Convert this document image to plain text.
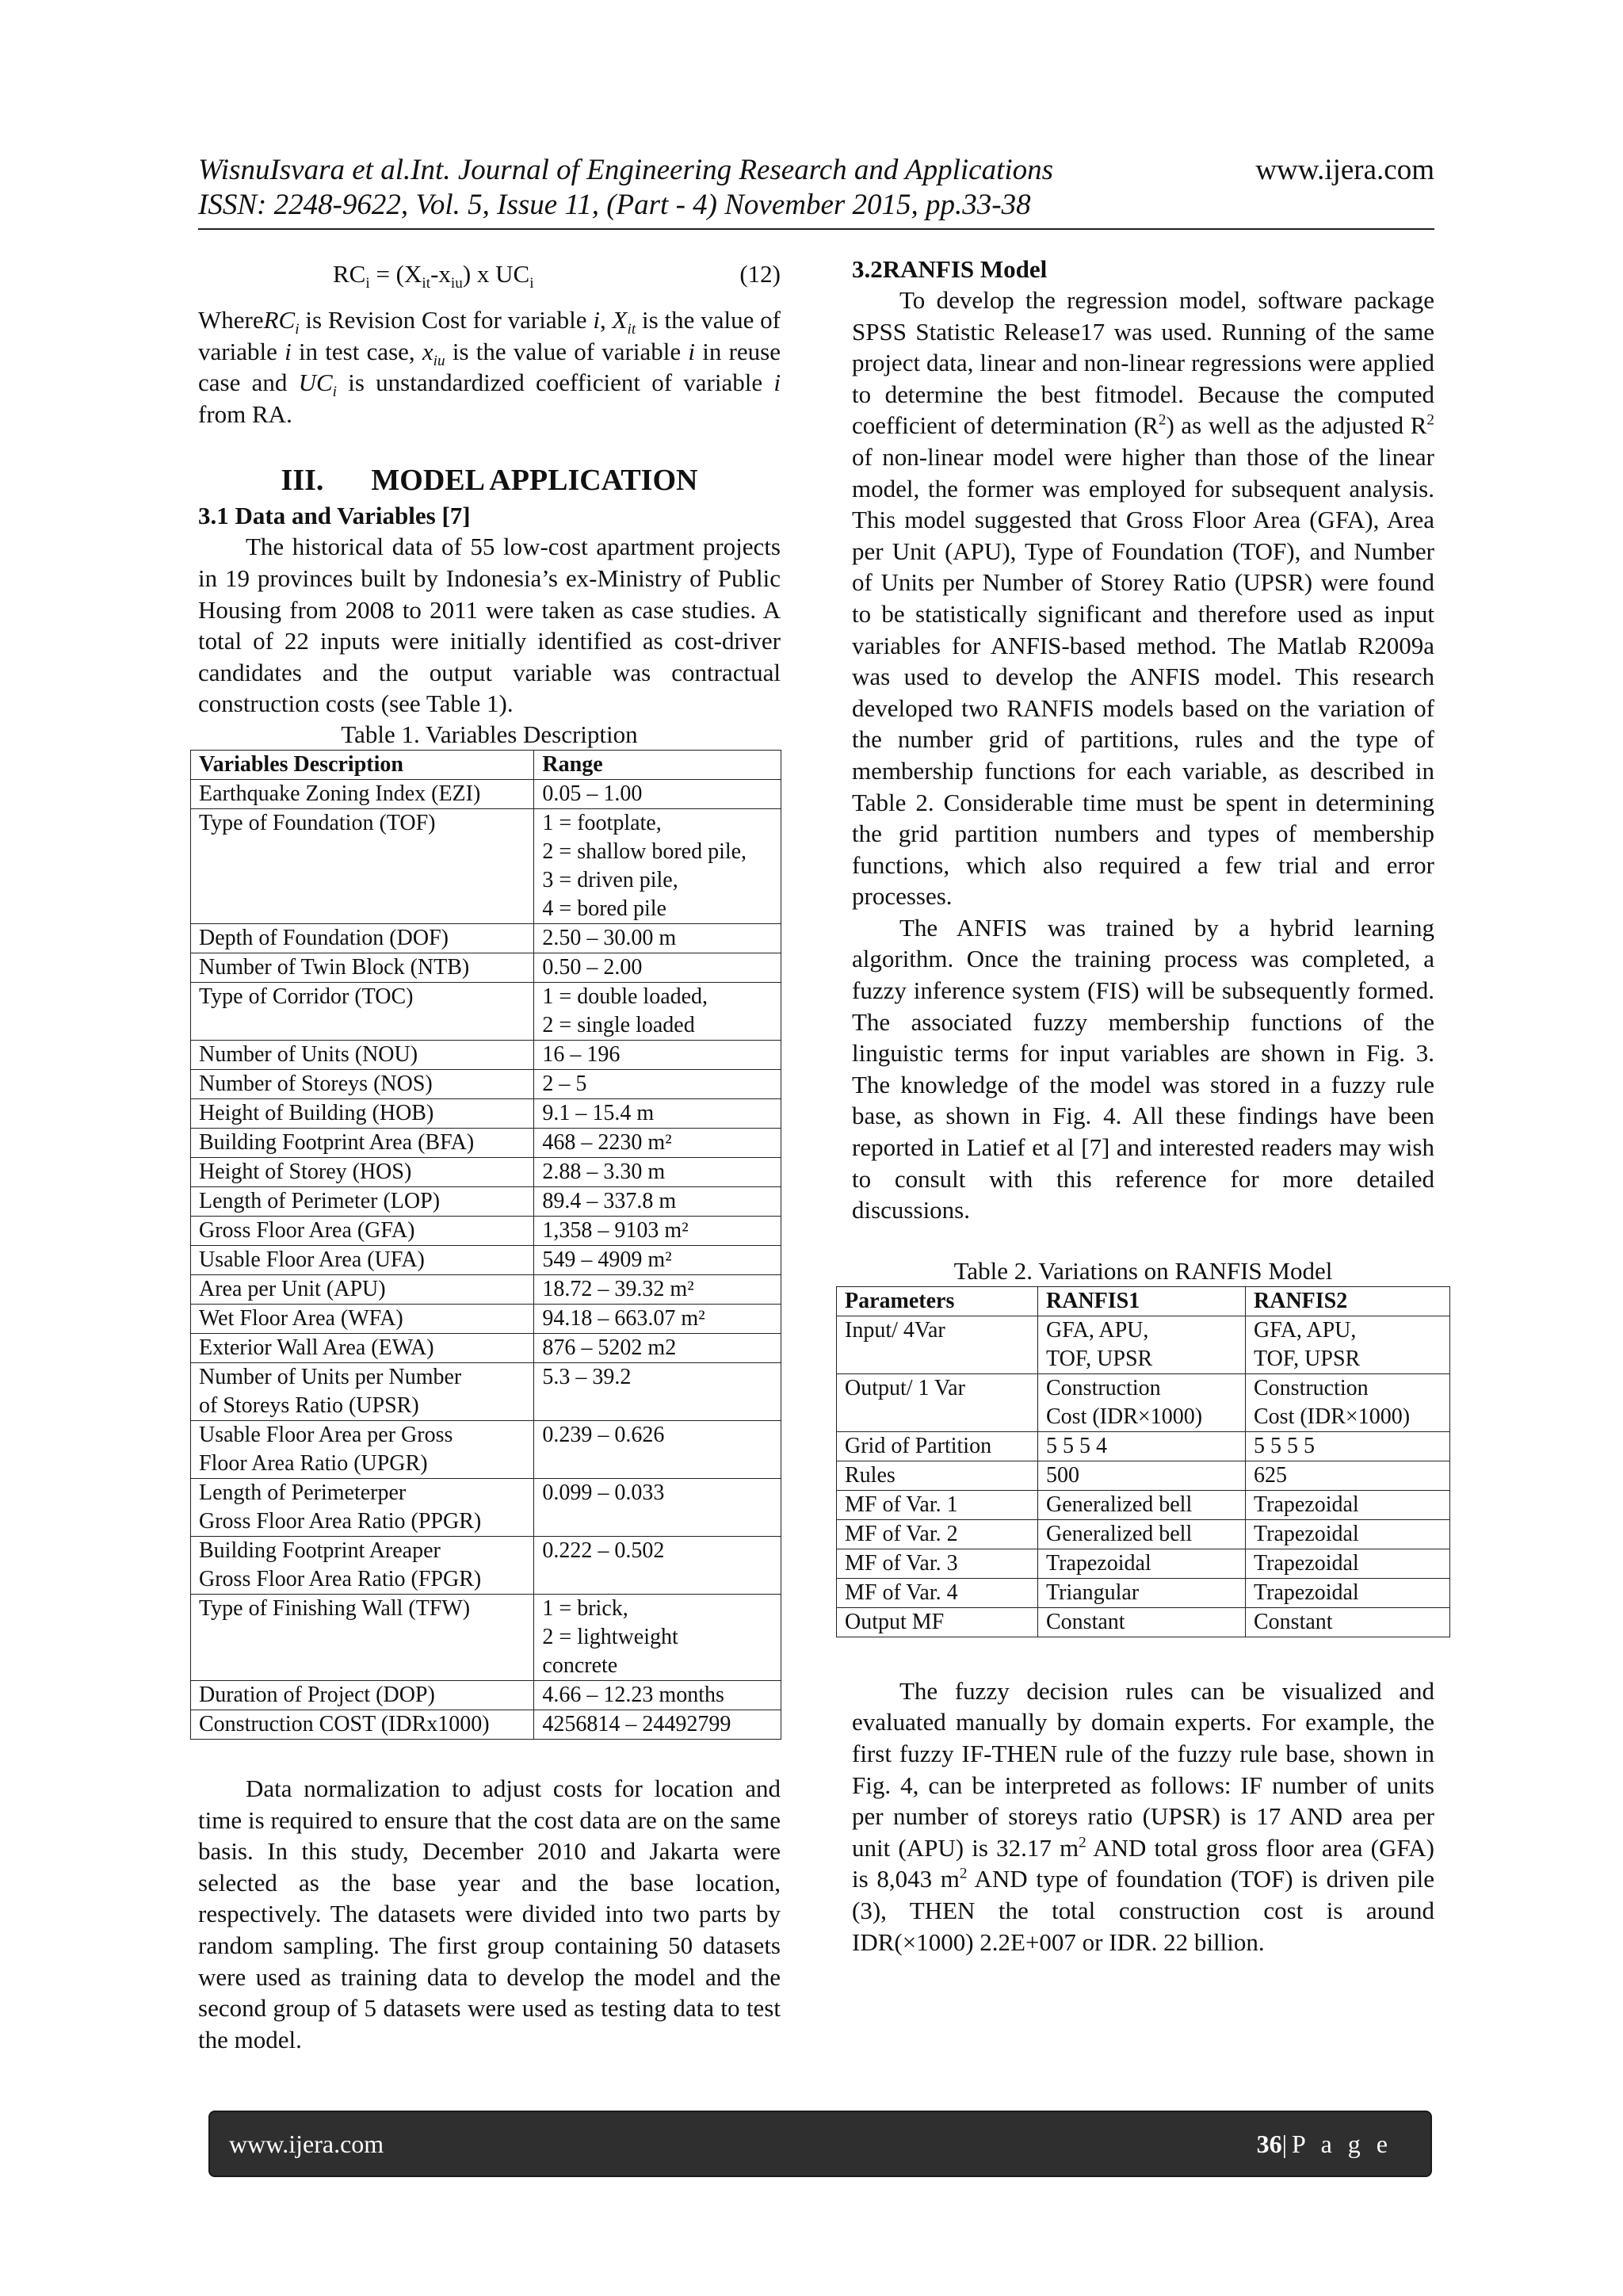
WisnuIsvara et al.Int. Journal of Engineering Research and Applications
ISSN: 2248-9622, Vol. 5, Issue 11, (Part - 4) November 2015, pp.33-38
www.ijera.com
$RC_i = (X_{it}-x_{iu})$ x $UC_i$	(12)

WhereRC$_i$ is Revision Cost for variable i, $X_{it}$ is the value of variable i in test case, $x_{iu}$ is the value of variable i in reuse case and $UC_i$ is unstandardized coefficient of variable i from RA.

III. MODEL APPLICATION
3.1 Data and Variables [7]

The historical data of 55 low-cost apartment projects in 19 provinces built by Indonesia’s ex-Ministry of Public Housing from 2008 to 2011 were taken as case studies. A total of 22 inputs were initially identified as cost-driver candidates and the output variable was contractual construction costs (see Table 1).

Table 1. Variables Description
Variables Description	Range
Earthquake Zoning Index (EZI)	0.05 – 1.00
Type of Foundation (TOF)	1 = footplate,
2 = shallow bored pile,
3 = driven pile,
4 = bored pile
Depth of Foundation (DOF)	2.50 – 30.00 m
Number of Twin Block (NTB)	0.50 – 2.00
Type of Corridor (TOC)	1 = double loaded,
2 = single loaded
Number of Units (NOU)	16 – 196
Number of Storeys (NOS)	2 – 5
Height of Building (HOB)	9.1 – 15.4 m
Building Footprint Area (BFA)	468 – 2230 m²
Height of Storey (HOS)	2.88 – 3.30 m
Length of Perimeter (LOP)	89.4 – 337.8 m
Gross Floor Area (GFA)	1,358 – 9103 m²
Usable Floor Area (UFA)	549 – 4909 m²
Area per Unit (APU)	18.72 – 39.32 m²
Wet Floor Area (WFA)	94.18 – 663.07 m²
Exterior Wall Area (EWA)	876 – 5202 m2
Number of Units per Number
of Storeys Ratio (UPSR)	5.3 – 39.2
Usable Floor Area per Gross
Floor Area Ratio (UPGR)	0.239 – 0.626
Length of Perimeterper
Gross Floor Area Ratio (PPGR)	0.099 – 0.033
Building Footprint Areaper
Gross Floor Area Ratio (FPGR)	0.222 – 0.502
Type of Finishing Wall (TFW)	1 = brick,
2 = lightweight
concrete
Duration of Project (DOP)	4.66 – 12.23 months
Construction COST (IDRx1000)	4256814 – 24492799

Data normalization to adjust costs for location and time is required to ensure that the cost data are on the same basis. In this study, December 2010 and Jakarta were selected as the base year and the base location, respectively. The datasets were divided into two parts by random sampling. The first group containing 50 datasets were used as training data to develop the model and the second group of 5 datasets were used as testing data to test the model.

3.2RANFIS Model

To develop the regression model, software package SPSS Statistic Release17 was used. Running of the same project data, linear and non-linear regressions were applied to determine the best fitmodel. Because the computed coefficient of determination $(R^2)$ as well as the adjusted $R^2$ of non-linear model were higher than those of the linear model, the former was employed for subsequent analysis. This model suggested that Gross Floor Area (GFA), Area per Unit (APU), Type of Foundation (TOF), and Number of Units per Number of Storey Ratio (UPSR) were found to be statistically significant and therefore used as input variables for ANFIS-based method. The Matlab R2009a was used to develop the ANFIS model. This research developed two RANFIS models based on the variation of the number grid of partitions, rules and the type of membership functions for each variable, as described in Table 2. Considerable time must be spent in determining the grid partition numbers and types of membership functions, which also required a few trial and error processes.

The ANFIS was trained by a hybrid learning algorithm. Once the training process was completed, a fuzzy inference system (FIS) will be subsequently formed. The associated fuzzy membership functions of the linguistic terms for input variables are shown in Fig. 3. The knowledge of the model was stored in a fuzzy rule base, as shown in Fig. 4. All these findings have been reported in Latief et al [7] and interested readers may wish to consult with this reference for more detailed discussions.

Table 2. Variations on RANFIS Model
Parameters	RANFIS1	RANFIS2
Input/ 4Var	GFA, APU,
TOF, UPSR	GFA, APU,
TOF, UPSR
Output/ 1 Var	Construction
Cost (IDR×1000)	Construction
Cost (IDR×1000)
Grid of Partition	5 5 5 4	5 5 5 5
Rules	500	625
MF of Var. 1	Generalized bell	Trapezoidal
MF of Var. 2	Generalized bell	Trapezoidal
MF of Var. 3	Trapezoidal	Trapezoidal
MF of Var. 4	Triangular	Trapezoidal
Output MF	Constant	Constant

The fuzzy decision rules can be visualized and evaluated manually by domain experts. For example, the first fuzzy IF-THEN rule of the fuzzy rule base, shown in Fig. 4, can be interpreted as follows: IF number of units per number of storeys ratio (UPSR) is 17 AND area per unit (APU) is 32.17 $m^2$ AND total gross floor area (GFA) is 8,043 $m^2$ AND type of foundation (TOF) is driven pile (3), THEN the total construction cost is around IDR(×1000) 2.2E+007 or IDR. 22 billion.

www.ijera.com	36|P a g e
